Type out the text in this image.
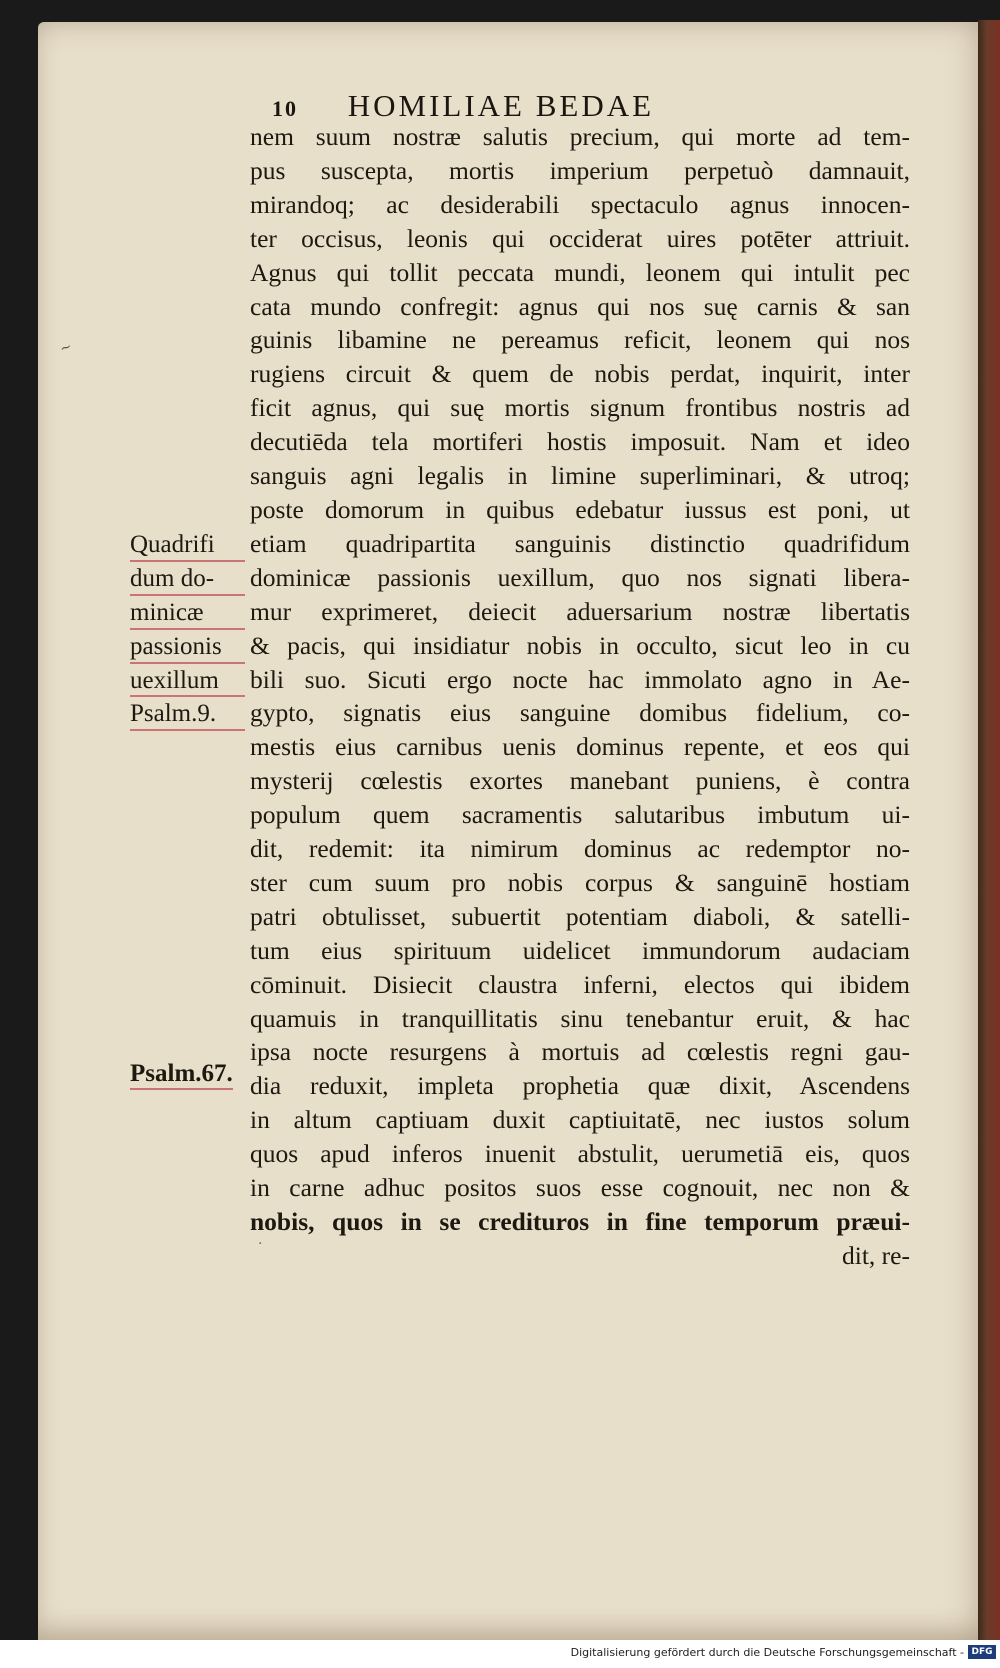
10 HOMILIAE BEDAE
nem suum nostræ salutis precium, qui morte ad tem-
pus susceptа, mortis imperium perpetuò damnauit,
mirandoq; ac desiderabili spectaculo agnus innocen-
ter occisus, leonis qui occiderat uires potēter attriuit.
Agnus qui tollit peccata mundi, leonem qui intulit pec
cata mundo confregit: agnus qui nos suę carnis & san
guinis libamine ne pereamus reficit, leonem qui nos
rugiens circuit & quem de nobis perdat, inquirit, inter
ficit agnus, qui suę mortis signum frontibus nostris ad
decutiēda tela mortiferi hostis imposuit. Nam et ideo
sanguis agni legalis in limine superliminari, & utroq;
poste domorum in quibus edebatur iussus est poni, ut
etiam quadripartita sanguinis distinctio quadrifidum
dominicæ passionis uexillum, quo nos signati libera-
mur exprimeret, deiecit aduersarium nostræ libertatis
& pacis, qui insidiatur nobis in occulto, sicut leo in cu
bili suo. Sicuti ergo nocte hac immolato agno in Ae-
gypto, signatis eius sanguine domibus fidelium, co-
mestis eius carnibus uenis dominus repente, et eos qui
mysterij cœlestis exortes manebant puniens, è contra
populum quem sacramentis salutaribus imbutum ui-
dit, redemit: ita nimirum dominus ac redemptor no-
ster cum suum pro nobis corpus & sanguinē hostiam
patri obtulisset, subuertit potentiam diaboli, & satelli-
tum eius spirituum uidelicet immundorum audaciam
cōminuit. Disiecit claustra inferni, electos qui ibidem
quamuis in tranquillitatis sinu tenebantur eruit, & hac
ipsa nocte resurgens à mortuis ad cœlestis regni gau-
dia reduxit, impleta prophetia quæ dixit, Ascendens
in altum captiuam duxit captiuitatē, nec iustos solum
quos apud inferos inuenit abstulit, uerumetiā eis, quos
in carne adhuc positos suos esse cognouit, nec non &
nobis, quos in se credituros in fine temporum præui-
dit, re-
Quadrifi
dum do-
minicæ
passionis
uexillum
Psalm.9.
Psalm.67.
~
.
Digitalisierung gefördert durch die Deutsche Forschungsgemeinschaft - DFG
